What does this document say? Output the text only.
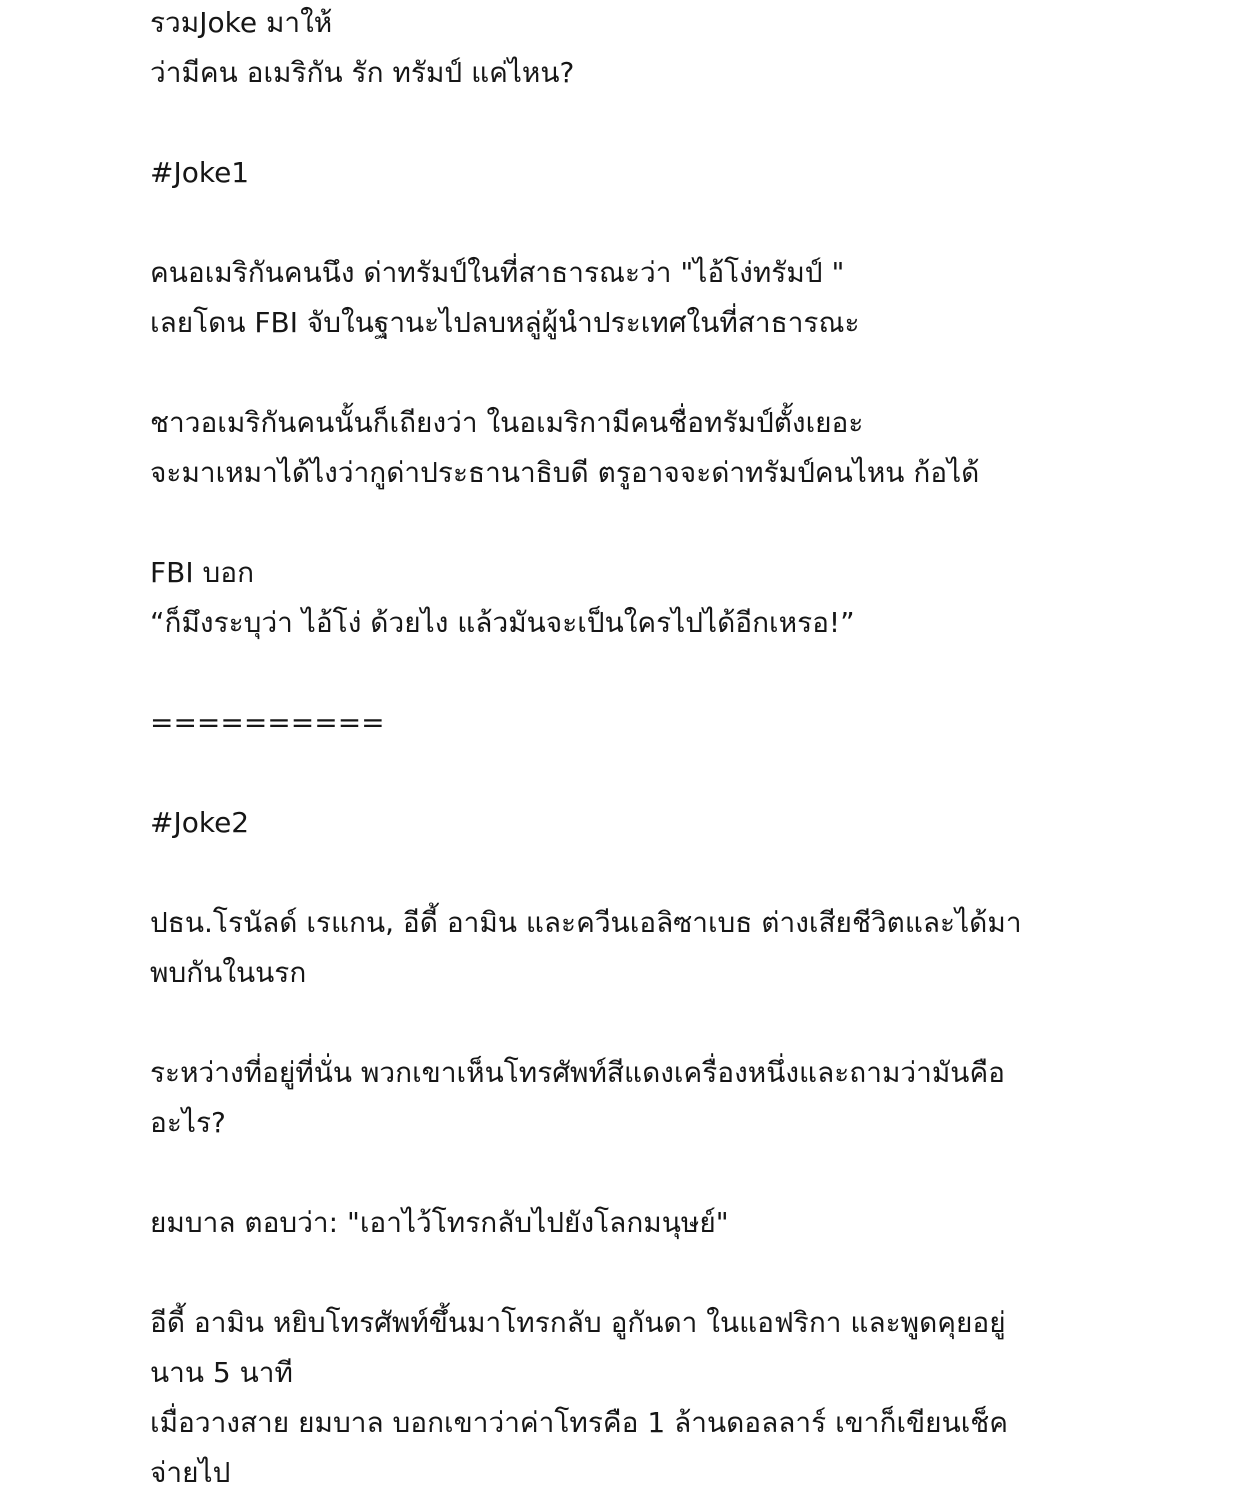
รวมJoke มาให้
ว่ามีคน อเมริกัน รัก ทรัมป์ แค่ไหน?
#Joke1
คนอเมริกันคนนึง ด่าทรัมป์ในที่สาธารณะว่า "ไอ้โง่ทรัมป์ "
เลยโดน FBI จับในฐานะไปลบหลู่ผู้นำประเทศในที่สาธารณะ
ชาวอเมริกันคนนั้นก็เถียงว่า ในอเมริกามีคนชื่อทรัมป์ตั้งเยอะ
จะมาเหมาได้ไงว่ากูด่าประธานาธิบดี ตรูอาจจะด่าทรัมป์คนไหน ก้อได้
FBI บอก
“ก็มึงระบุว่า ไอ้โง่ ด้วยไง แล้วมันจะเป็นใครไปได้อีกเหรอ!”
==========
#Joke2
ปธน.โรนัลด์ เรแกน, อีดี้ อามิน และควีนเอลิซาเบธ ต่างเสียชีวิตและได้มา
พบกันในนรก
ระหว่างที่อยู่ที่นั่น พวกเขาเห็นโทรศัพท์สีแดงเครื่องหนึ่งและถามว่ามันคือ
อะไร?
ยมบาล ตอบว่า: "เอาไว้โทรกลับไปยังโลกมนุษย์"
อีดี้ อามิน หยิบโทรศัพท์ขึ้นมาโทรกลับ อูกันดา ในแอฟริกา และพูดคุยอยู่
นาน 5 นาที
เมื่อวางสาย ยมบาล บอกเขาว่าค่าโทรคือ 1 ล้านดอลลาร์ เขาก็เขียนเช็ค
จ่ายไป
